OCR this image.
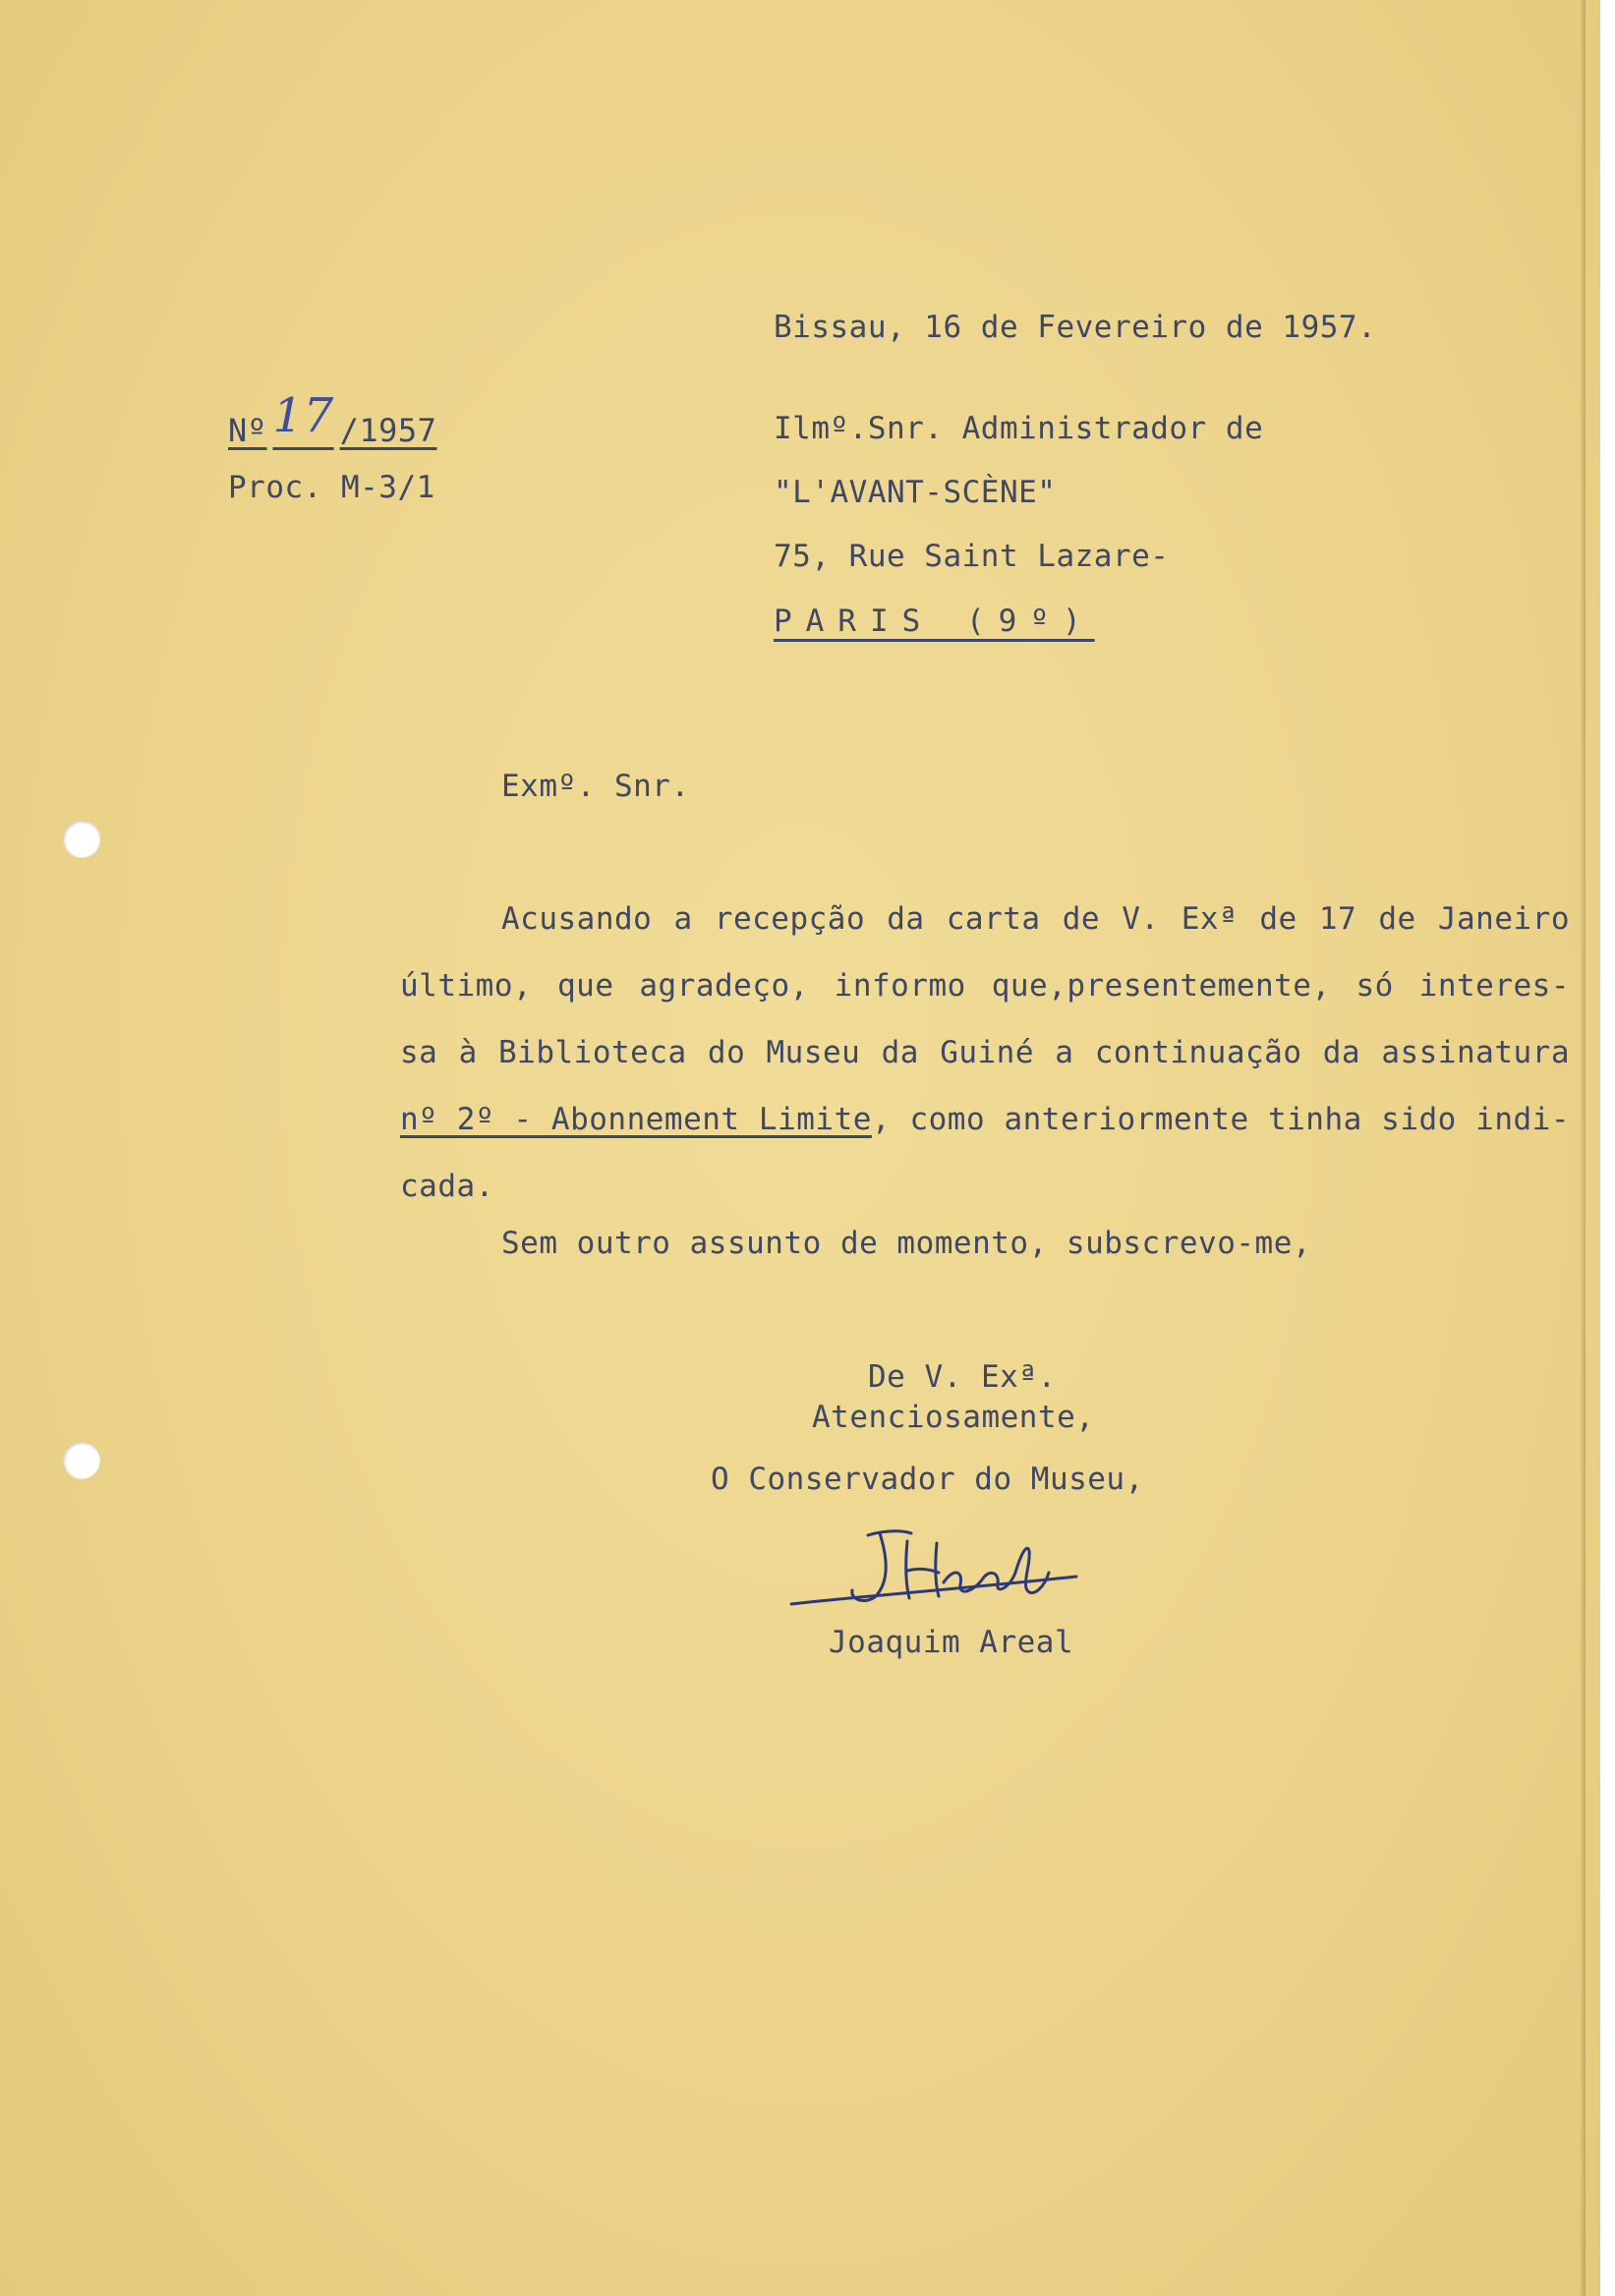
Nº 17 /1957
Proc. M-3/1
Bissau, 16 de Fevereiro de 1957.
Ilmº.Snr. Administrador de
"L'AVANT-SCÈNE"
75, Rue Saint Lazare-
PARIS (9º)
Exmº. Snr.
Acusando a recepção da carta de V. Exª de 17 de Janeiro
último, que agradeço, informo que,presentemente, só interes-
sa à Biblioteca do Museu da Guiné a continuação da assinatura
nº 2º - Abonnement Limite, como anteriormente tinha sido indi-
cada.
Sem outro assunto de momento, subscrevo-me,
De V. Exª.
Atenciosamente,
O Conservador do Museu,
Joaquim Areal
